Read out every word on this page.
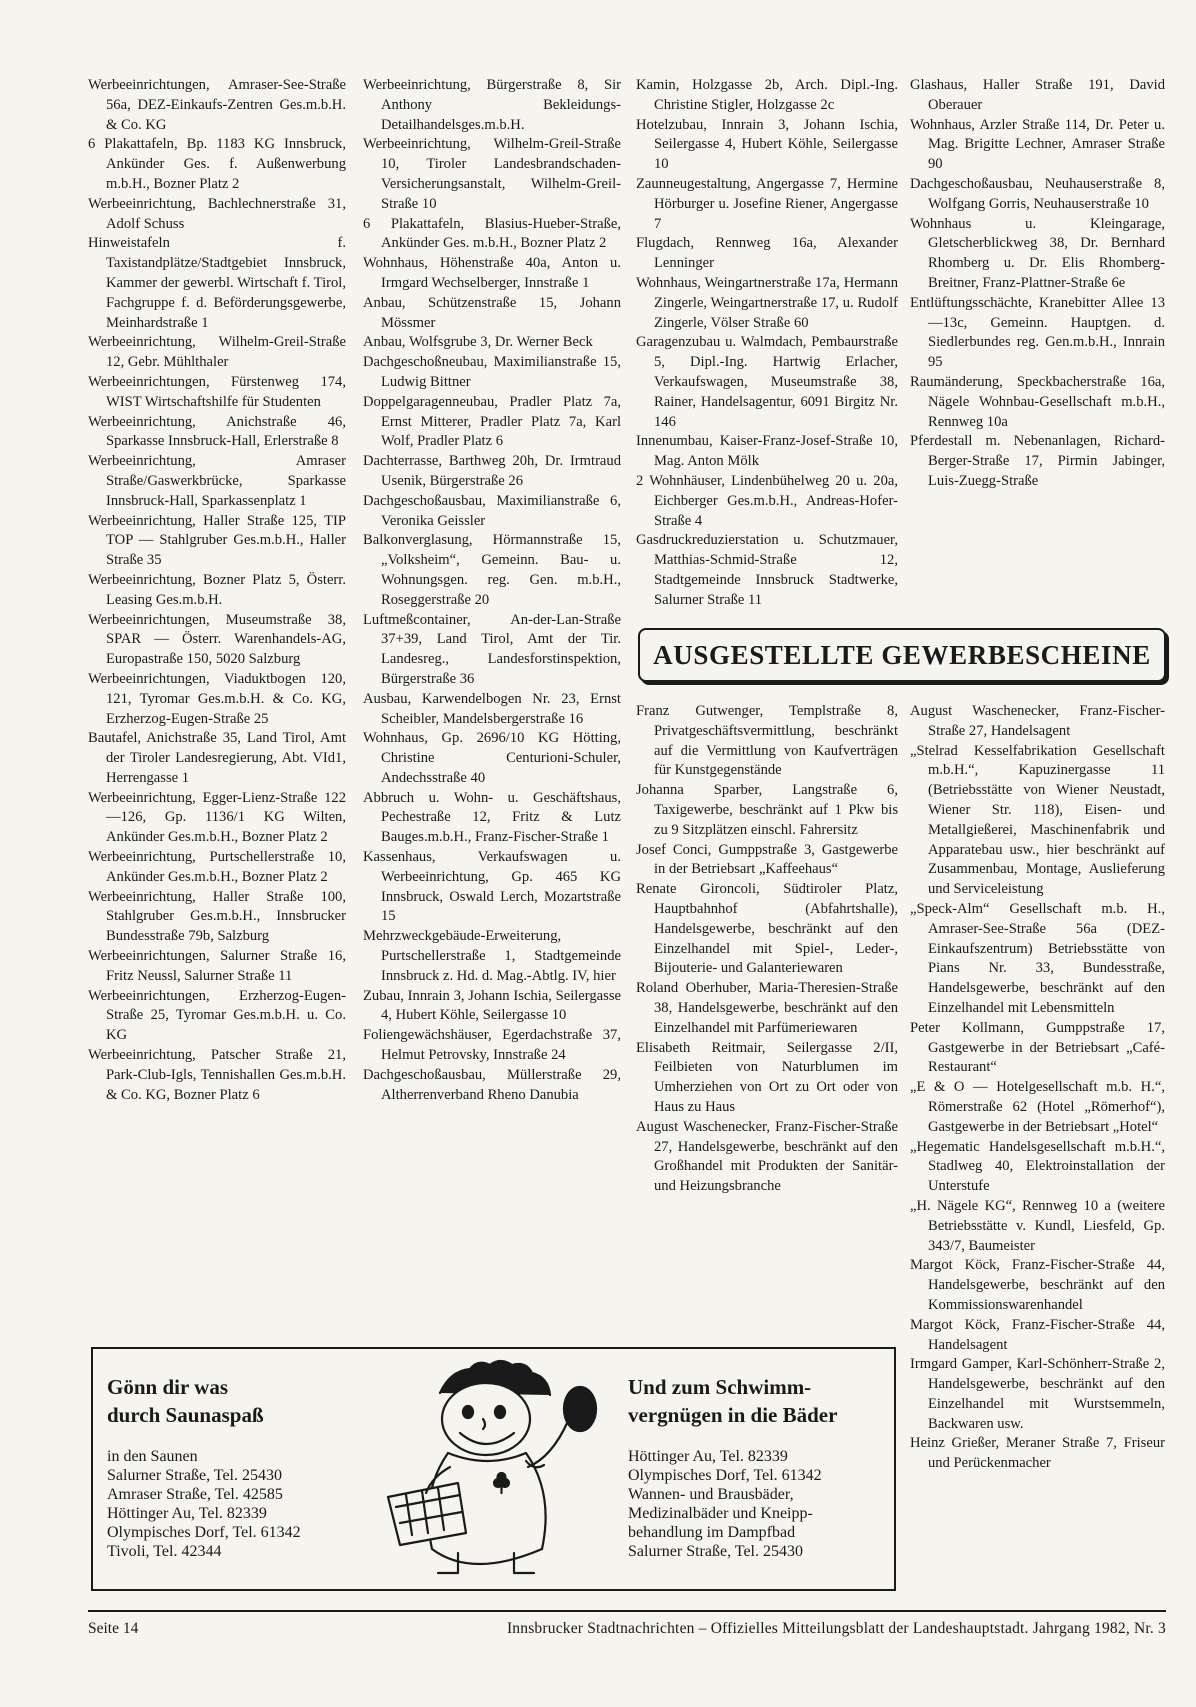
Werbeeinrichtungen, Amraser-See-Straße 56a, DEZ-Einkaufs-Zentren Ges.m.b.H. & Co. KG

6 Plakattafeln, Bp. 1183 KG Innsbruck, Ankünder Ges. f. Außenwerbung m.b.H., Bozner Platz 2

Werbeeinrichtung, Bachlechnerstraße 31, Adolf Schuss

Hinweistafeln f. Taxistandplätze/Stadtgebiet Innsbruck, Kammer der gewerbl. Wirtschaft f. Tirol, Fachgruppe f. d. Beförderungsgewerbe, Meinhardstraße 1

Werbeeinrichtung, Wilhelm-Greil-Straße 12, Gebr. Mühlthaler

Werbeeinrichtungen, Fürstenweg 174, WIST Wirtschaftshilfe für Studenten

Werbeeinrichtung, Anichstraße 46, Sparkasse Innsbruck-Hall, Erlerstraße 8

Werbeeinrichtung, Amraser Straße/Gaswerkbrücke, Sparkasse Innsbruck-Hall, Sparkassenplatz 1

Werbeeinrichtung, Haller Straße 125, TIP TOP — Stahlgruber Ges.m.b.H., Haller Straße 35

Werbeeinrichtung, Bozner Platz 5, Österr. Leasing Ges.m.b.H.

Werbeeinrichtungen, Museumstraße 38, SPAR — Österr. Warenhandels-AG, Europastraße 150, 5020 Salzburg

Werbeeinrichtungen, Viaduktbogen 120, 121, Tyromar Ges.m.b.H. & Co. KG, Erzherzog-Eugen-Straße 25

Bautafel, Anichstraße 35, Land Tirol, Amt der Tiroler Landesregierung, Abt. VId1, Herrengasse 1

Werbeeinrichtung, Egger-Lienz-Straße 122—126, Gp. 1136/1 KG Wilten, Ankünder Ges.m.b.H., Bozner Platz 2

Werbeeinrichtung, Purtschellerstraße 10, Ankünder Ges.m.b.H., Bozner Platz 2

Werbeeinrichtung, Haller Straße 100, Stahlgruber Ges.m.b.H., Innsbrucker Bundesstraße 79b, Salzburg

Werbeeinrichtungen, Salurner Straße 16, Fritz Neussl, Salurner Straße 11

Werbeeinrichtungen, Erzherzog-Eugen-Straße 25, Tyromar Ges.m.b.H. u. Co. KG

Werbeeinrichtung, Patscher Straße 21, Park-Club-Igls, Tennishallen Ges.m.b.H. & Co. KG, Bozner Platz 6

Werbeeinrichtung, Bürgerstraße 8, Sir Anthony Bekleidungs-Detailhandelsges.m.b.H.

Werbeeinrichtung, Wilhelm-Greil-Straße 10, Tiroler Landesbrandschaden-Versicherungsanstalt, Wilhelm-Greil-Straße 10

6 Plakattafeln, Blasius-Hueber-Straße, Ankünder Ges. m.b.H., Bozner Platz 2

Wohnhaus, Höhenstraße 40a, Anton u. Irmgard Wechselberger, Innstraße 1

Anbau, Schützenstraße 15, Johann Mössmer

Anbau, Wolfsgrube 3, Dr. Werner Beck

Dachgeschoßneubau, Maximilianstraße 15, Ludwig Bittner

Doppelgaragenneubau, Pradler Platz 7a, Ernst Mitterer, Pradler Platz 7a, Karl Wolf, Pradler Platz 6

Dachterrasse, Barthweg 20h, Dr. Irmtraud Usenik, Bürgerstraße 26

Dachgeschoßausbau, Maximilianstraße 6, Veronika Geissler

Balkonverglasung, Hörmannstraße 15, „Volksheim“, Gemeinn. Bau- u. Wohnungsgen. reg. Gen. m.b.H., Roseggerstraße 20

Luftmeßcontainer, An-der-Lan-Straße 37+39, Land Tirol, Amt der Tir. Landesreg., Landesforstinspektion, Bürgerstraße 36

Ausbau, Karwendelbogen Nr. 23, Ernst Scheibler, Mandelsbergerstraße 16

Wohnhaus, Gp. 2696/10 KG Hötting, Christine Centurioni-Schuler, Andechsstraße 40

Abbruch u. Wohn- u. Geschäftshaus, Pechestraße 12, Fritz & Lutz Bauges.m.b.H., Franz-Fischer-Straße 1

Kassenhaus, Verkaufswagen u. Werbeeinrichtung, Gp. 465 KG Innsbruck, Oswald Lerch, Mozartstraße 15

Mehrzweckgebäude-Erweiterung, Purtschellerstraße 1, Stadtgemeinde Innsbruck z. Hd. d. Mag.-Abtlg. IV, hier

Zubau, Innrain 3, Johann Ischia, Seilergasse 4, Hubert Köhle, Seilergasse 10

Foliengewächshäuser, Egerdachstraße 37, Helmut Petrovsky, Innstraße 24

Dachgeschoßausbau, Müllerstraße 29, Altherrenverband Rheno Danubia

Kamin, Holzgasse 2b, Arch. Dipl.-Ing. Christine Stigler, Holzgasse 2c

Hotelzubau, Innrain 3, Johann Ischia, Seilergasse 4, Hubert Köhle, Seilergasse 10

Zaunneugestaltung, Angergasse 7, Hermine Hörburger u. Josefine Riener, Angergasse 7

Flugdach, Rennweg 16a, Alexander Lenninger

Wohnhaus, Weingartnerstraße 17a, Hermann Zingerle, Weingartnerstraße 17, u. Rudolf Zingerle, Völser Straße 60

Garagenzubau u. Walmdach, Pembaurstraße 5, Dipl.-Ing. Hartwig Erlacher, Verkaufswagen, Museumstraße 38, Rainer, Handelsagentur, 6091 Birgitz Nr. 146

Innenumbau, Kaiser-Franz-Josef-Straße 10, Mag. Anton Mölk

2 Wohnhäuser, Lindenbühelweg 20 u. 20a, Eichberger Ges.m.b.H., Andreas-Hofer-Straße 4

Gasdruckreduzierstation u. Schutzmauer, Matthias-Schmid-Straße 12, Stadtgemeinde Innsbruck Stadtwerke, Salurner Straße 11

Glashaus, Haller Straße 191, David Oberauer

Wohnhaus, Arzler Straße 114, Dr. Peter u. Mag. Brigitte Lechner, Amraser Straße 90

Dachgeschoßausbau, Neuhauserstraße 8, Wolfgang Gorris, Neuhauserstraße 10

Wohnhaus u. Kleingarage, Gletscherblickweg 38, Dr. Bernhard Rhomberg u. Dr. Elis Rhomberg-Breitner, Franz-Plattner-Straße 6e

Entlüftungsschächte, Kranebitter Allee 13—13c, Gemeinn. Hauptgen. d. Siedlerbundes reg. Gen.m.b.H., Innrain 95

Raumänderung, Speckbacherstraße 16a, Nägele Wohnbau-Gesellschaft m.b.H., Rennweg 10a

Pferdestall m. Nebenanlagen, Richard-Berger-Straße 17, Pirmin Jabinger, Luis-Zuegg-Straße

AUSGESTELLTE GEWERBESCHEINE

Franz Gutwenger, Templstraße 8, Privatgeschäftsvermittlung, beschränkt auf die Vermittlung von Kaufverträgen für Kunstgegenstände

Johanna Sparber, Langstraße 6, Taxigewerbe, beschränkt auf 1 Pkw bis zu 9 Sitzplätzen einschl. Fahrersitz

Josef Conci, Gumppstraße 3, Gastgewerbe in der Betriebsart „Kaffeehaus“

Renate Gironcoli, Südtiroler Platz, Hauptbahnhof (Abfahrtshalle), Handelsgewerbe, beschränkt auf den Einzelhandel mit Spiel-, Leder-, Bijouterie- und Galanteriewaren

Roland Oberhuber, Maria-Theresien-Straße 38, Handelsgewerbe, beschränkt auf den Einzelhandel mit Parfümeriewaren

Elisabeth Reitmair, Seilergasse 2/II, Feilbieten von Naturblumen im Umherziehen von Ort zu Ort oder von Haus zu Haus

August Waschenecker, Franz-Fischer-Straße 27, Handelsgewerbe, beschränkt auf den Großhandel mit Produkten der Sanitär- und Heizungsbranche

August Waschenecker, Franz-Fischer-Straße 27, Handelsagent

„Stelrad Kesselfabrikation Gesellschaft m.b.H.“, Kapuzinergasse 11 (Betriebsstätte von Wiener Neustadt, Wiener Str. 118), Eisen- und Metallgießerei, Maschinenfabrik und Apparatebau usw., hier beschränkt auf Zusammenbau, Montage, Auslieferung und Serviceleistung

„Speck-Alm“ Gesellschaft m.b. H., Amraser-See-Straße 56a (DEZ-Einkaufszentrum) Betriebsstätte von Pians Nr. 33, Bundesstraße, Handelsgewerbe, beschränkt auf den Einzelhandel mit Lebensmitteln

Peter Kollmann, Gumppstraße 17, Gastgewerbe in der Betriebsart „Café-Restaurant“

„E & O — Hotelgesellschaft m.b. H.“, Römerstraße 62 (Hotel „Römerhof“), Gastgewerbe in der Betriebsart „Hotel“

„Hegematic Handelsgesellschaft m.b.H.“, Stadlweg 40, Elektroinstallation der Unterstufe

„H. Nägele KG“, Rennweg 10 a (weitere Betriebsstätte v. Kundl, Liesfeld, Gp. 343/7, Baumeister

Margot Köck, Franz-Fischer-Straße 44, Handelsgewerbe, beschränkt auf den Kommissionswarenhandel

Margot Köck, Franz-Fischer-Straße 44, Handelsagent

Irmgard Gamper, Karl-Schönherr-Straße 2, Handelsgewerbe, beschränkt auf den Einzelhandel mit Wurstsemmeln, Backwaren usw.

Heinz Grießer, Meraner Straße 7, Friseur und Perückenmacher

Gönn dir was
durch Saunaspaß
in den Saunen
Salurner Straße, Tel. 25430
Amraser Straße, Tel. 42585
Höttinger Au, Tel. 82339
Olympisches Dorf, Tel. 61342
Tivoli, Tel. 42344
Und zum Schwimm-
vergnügen in die Bäder
Höttinger Au, Tel. 82339
Olympisches Dorf, Tel. 61342
Wannen- und Brausbäder,
Medizinalbäder und Kneipp-
behandlung im Dampfbad
Salurner Straße, Tel. 25430
Seite 14	Innsbrucker Stadtnachrichten – Offizielles Mitteilungsblatt der Landeshauptstadt. Jahrgang 1982, Nr. 3
